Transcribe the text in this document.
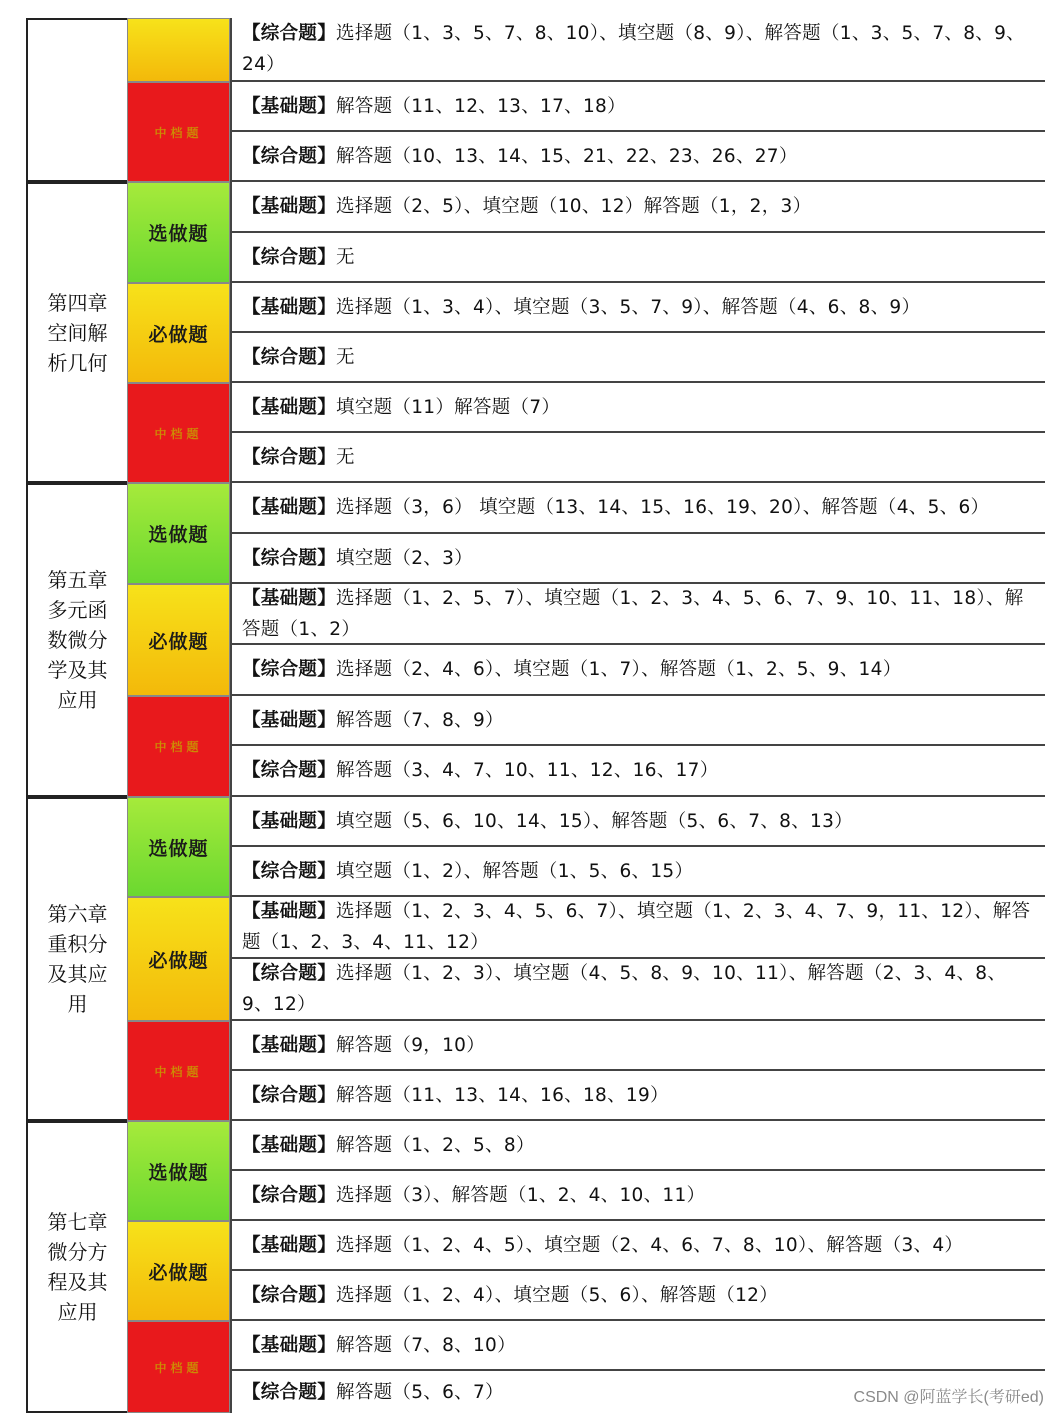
第四章
空间解
析几何
第五章
多元函
数微分
学及其
应用
第六章
重积分
及其应
用
第七章
微分方
程及其
应用
中档题
选做题
必做题
中档题
选做题
必做题
中档题
选做题
必做题
中档题
选做题
必做题
中档题
【综合题】选择题（1、3、5、7、8、10）、填空题（8、9）、解答题（1、3、5、7、8、9、24）
【基础题】解答题（11、12、13、17、18）
【综合题】解答题（10、13、14、15、21、22、23、26、27）
【基础题】选择题（2、5）、填空题（10、12）解答题（1，2，3）
【综合题】无
【基础题】选择题（1、3、4）、填空题（3、5、7、9）、解答题（4、6、8、9）
【综合题】无
【基础题】填空题（11）解答题（7）
【综合题】无
【基础题】选择题（3，6） 填空题（13、14、15、16、19、20）、解答题（4、5、6）
【综合题】填空题（2、3）
【基础题】选择题（1、2、5、7）、填空题（1、2、3、4、5、6、7、9、10、11、18）、解答题（1、2）
【综合题】选择题（2、4、6）、填空题（1、7）、解答题（1、2、5、9、14）
【基础题】解答题（7、8、9）
【综合题】解答题（3、4、7、10、11、12、16、17）
【基础题】填空题（5、6、10、14、15）、解答题（5、6、7、8、13）
【综合题】填空题（1、2）、解答题（1、5、6、15）
【基础题】选择题（1、2、3、4、5、6、7）、填空题（1、2、3、4、7、9，11、12）、解答题（1、2、3、4、11、12）
【综合题】选择题（1、2、3）、填空题（4、5、8、9、10、11）、解答题（2、3、4、8、9、12）
【基础题】解答题（9，10）
【综合题】解答题（11、13、14、16、18、19）
【基础题】解答题（1、2、5、8）
【综合题】选择题（3）、解答题（1、2、4、10、11）
【基础题】选择题（1、2、4、5）、填空题（2、4、6、7、8、10）、解答题（3、4）
【综合题】选择题（1、2、4）、填空题（5、6）、解答题（12）
【基础题】解答题（7、8、10）
【综合题】解答题（5、6、7）	CSDN @阿蓝学长(考研ed)
